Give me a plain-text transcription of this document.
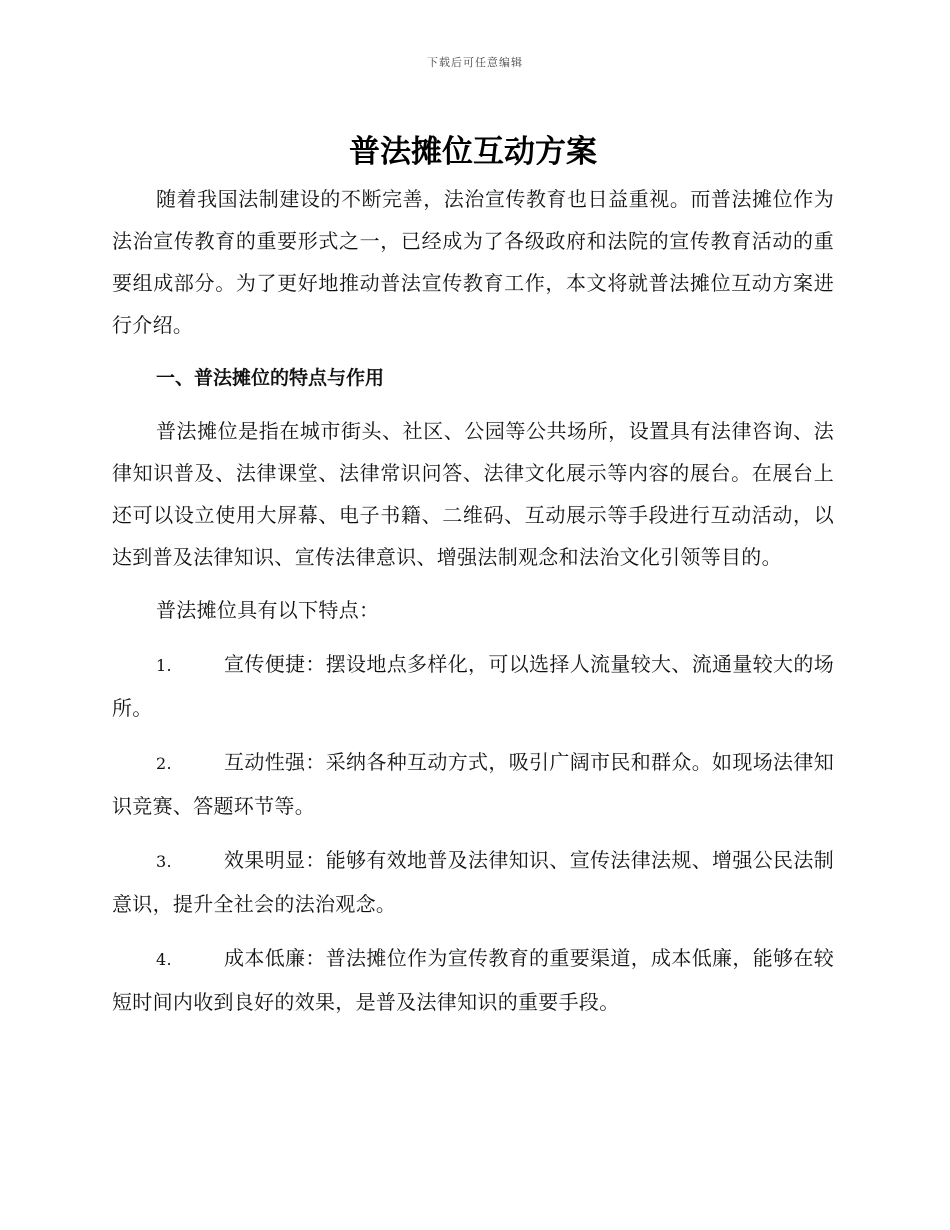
下载后可任意编辑
普法摊位互动方案

随着我国法制建设的不断完善，法治宣传教育也日益重视。而普法摊位作为法治宣传教育的重要形式之一，已经成为了各级政府和法院的宣传教育活动的重要组成部分。为了更好地推动普法宣传教育工作，本文将就普法摊位互动方案进行介绍。

一、普法摊位的特点与作用

普法摊位是指在城市街头、社区、公园等公共场所，设置具有法律咨询、法律知识普及、法律课堂、法律常识问答、法律文化展示等内容的展台。在展台上还可以设立使用大屏幕、电子书籍、二维码、互动展示等手段进行互动活动，以达到普及法律知识、宣传法律意识、增强法制观念和法治文化引领等目的。

普法摊位具有以下特点：

1.	宣传便捷：摆设地点多样化，可以选择人流量较大、流通量较大的场所。

2.	互动性强：采纳各种互动方式，吸引广阔市民和群众。如现场法律知识竞赛、答题环节等。

3.	效果明显：能够有效地普及法律知识、宣传法律法规、增强公民法制意识，提升全社会的法治观念。

4.	成本低廉：普法摊位作为宣传教育的重要渠道，成本低廉，能够在较短时间内收到良好的效果，是普及法律知识的重要手段。
